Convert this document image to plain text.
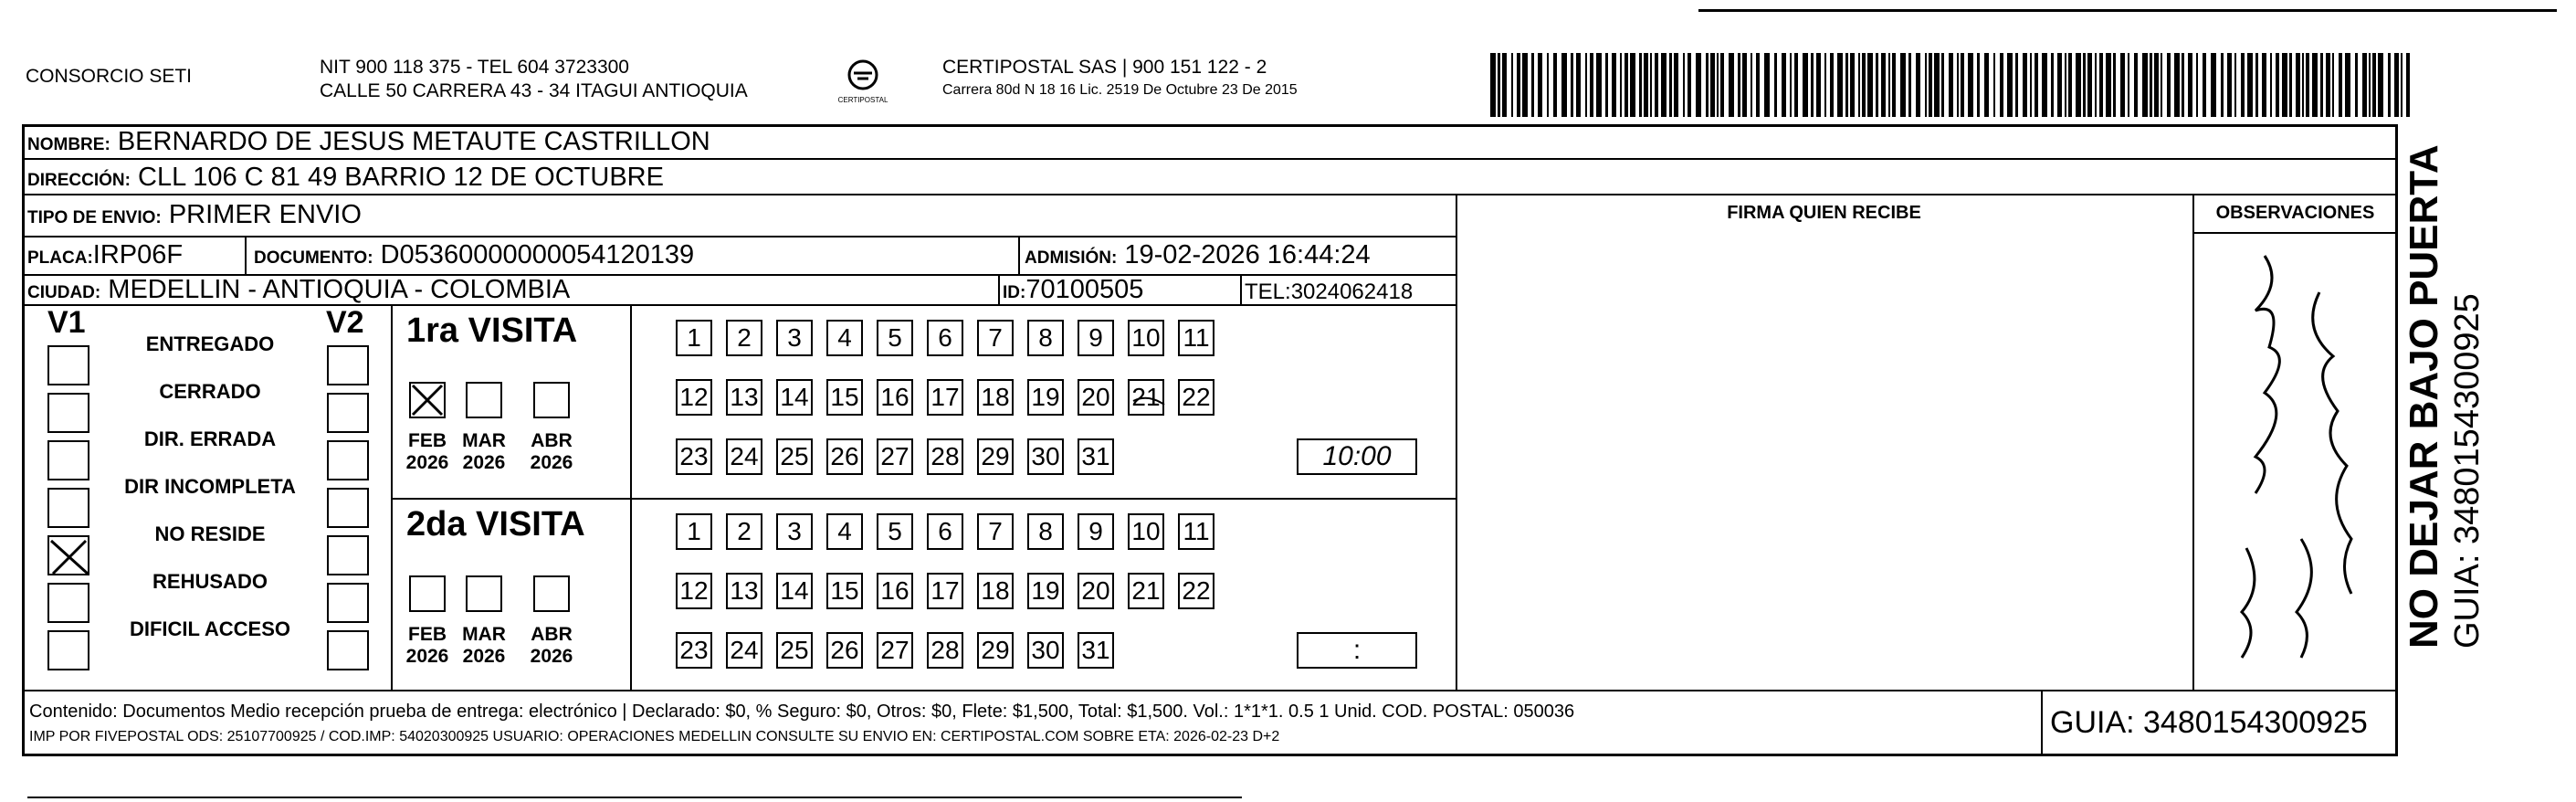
CONSORCIO SETI	NIT 900 118 375 - TEL 604 3723300
CALLE 50 CARRERA 43 - 34 ITAGUI ANTIOQUIA	CERTIPOSTAL
CERTIPOSTAL SAS | 900 151 122 - 2
Carrera 80d N 18 16 Lic. 2519 De Octubre 23 De 2015
NOMBRE: BERNARDO DE JESUS METAUTE CASTRILLON
DIRECCIÓN: CLL 106 C 81 49 BARRIO 12 DE OCTUBRE
TIPO DE ENVIO: PRIMER ENVIO	FIRMA QUIEN RECIBE	OBSERVACIONES
PLACA:IRP06F	DOCUMENTO: D05360000000054120139	ADMISIÓN: 19-02-2026 16:44:24
CIUDAD: MEDELLIN - ANTIOQUIA - COLOMBIA	ID:70100505	TEL:3024062418
V1	V2
ENTREGADO
CERRADO
DIR. ERRADA
DIR INCOMPLETA
NO RESIDE
REHUSADO
DIFICIL ACCESO
1ra VISITA
FEB
2026
MAR
2026
ABR
2026
1	2	3	4	5	6	7	8	9	10 11
12 13 14 15 16 17 18 19 20 21 22
23 24 25 26 27 28 29 30 31	10:00
2da VISITA
FEB
2026
MAR
2026
ABR
2026
1	2	3	4	5	6	7	8	9	10 11
12 13 14 15 16 17 18 19 20 21 22
23 24 25 26 27 28 29 30 31	:
NO DEJAR BAJO PUERTA GUIA: 3480154300925
Contenido: Documentos Medio recepción prueba de entrega: electrónico | Declarado: $0, % Seguro: $0, Otros: $0, Flete: $1,500, Total: $1,500. Vol.: 1*1*1. 0.5 1 Unid. COD. POSTAL: 050036
IMP POR FIVEPOSTAL ODS: 25107700925 / COD.IMP: 54020300925 USUARIO: OPERACIONES MEDELLIN CONSULTE SU ENVIO EN: CERTIPOSTAL.COM SOBRE ETA: 2026-02-23 D+2	GUIA: 3480154300925
